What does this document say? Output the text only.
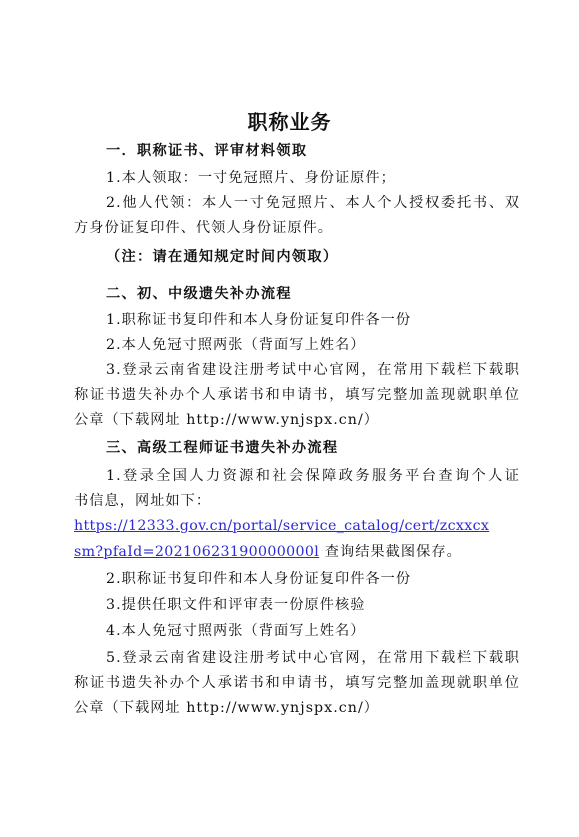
职称业务
一．职称证书、评审材料领取
1.本人领取：一寸免冠照片、身份证原件；
2.他人代领：本人一寸免冠照片、本人个人授权委托书、双
方身份证复印件、代领人身份证原件。
（注：请在通知规定时间内领取）
二、初、中级遗失补办流程
1.职称证书复印件和本人身份证复印件各一份
2.本人免冠寸照两张（背面写上姓名）
3.登录云南省建设注册考试中心官网，在常用下载栏下载职
称证书遗失补办个人承诺书和申请书，填写完整加盖现就职单位
公章（下载网址 http://www.ynjspx.cn/）
三、高级工程师证书遗失补办流程
1.登录全国人力资源和社会保障政务服务平台查询个人证
书信息，网址如下：
https://12333.gov.cn/portal/service_catalog/cert/zcxxcx
sm?pfaId=20210623190000000l 查询结果截图保存。
2.职称证书复印件和本人身份证复印件各一份
3.提供任职文件和评审表一份原件核验
4.本人免冠寸照两张（背面写上姓名）
5.登录云南省建设注册考试中心官网，在常用下载栏下载职
称证书遗失补办个人承诺书和申请书，填写完整加盖现就职单位
公章（下载网址 http://www.ynjspx.cn/）
